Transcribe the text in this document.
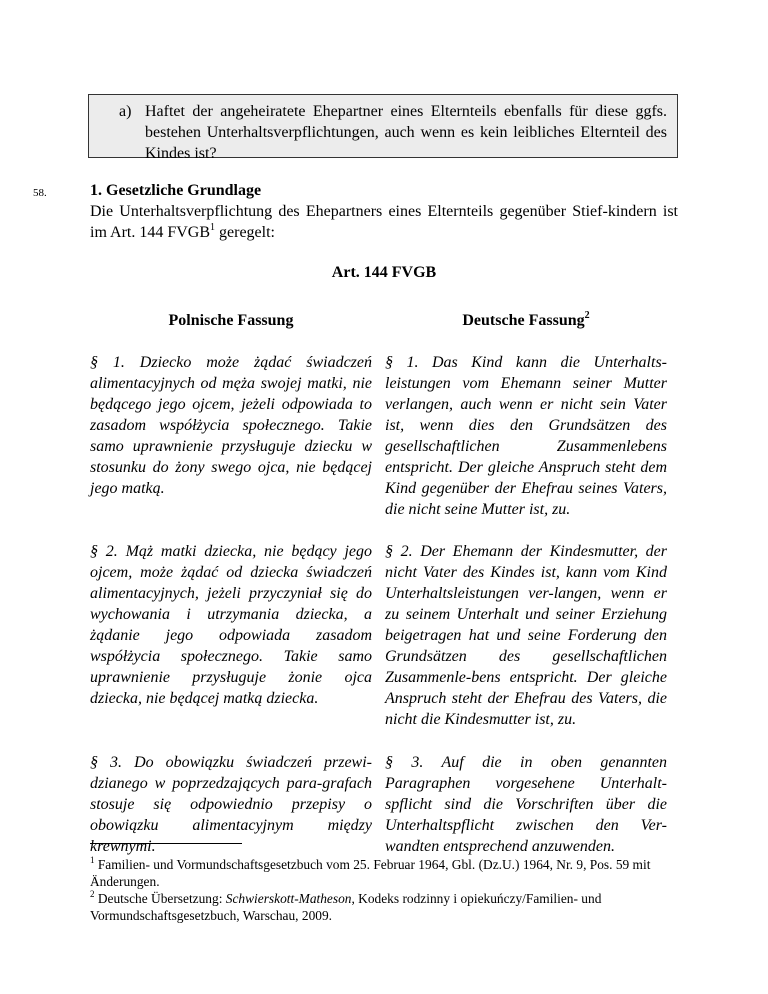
a) Haftet der angeheiratete Ehepartner eines Elternteils ebenfalls für diese ggfs. bestehen Unterhaltsverpflichtungen, auch wenn es kein leibliches Elternteil des Kindes ist?
58.	1. Gesetzliche Grundlage
Die Unterhaltsverpflichtung des Ehepartners eines Elternteils gegenüber Stief-kindern ist im Art. 144 FVGB$^1$ geregelt:
Art. 144 FVGB
Polnische Fassung	Deutsche Fassung$^2$

§ 1. Dziecko może żądać świadczeń alimentacyjnych od męża swojej matki, nie będącego jego ojcem, jeżeli odpowiada to zasadom współżycia społecznego. Takie samo uprawnienie przysługuje dziecku w stosunku do żony swego ojca, nie będącej jego matką.

§ 1. Das Kind kann die Unterhalts-leistungen vom Ehemann seiner Mutter verlangen, auch wenn er nicht sein Vater ist, wenn dies den Grundsätzen des gesellschaftlichen Zusammenlebens entspricht. Der gleiche Anspruch steht dem Kind gegenüber der Ehefrau seines Vaters, die nicht seine Mutter ist, zu.

§ 2. Mąż matki dziecka, nie będący jego ojcem, może żądać od dziecka świadczeń alimentacyjnych, jeżeli przyczyniał się do wychowania i utrzymania dziecka, a żądanie jego odpowiada zasadom współżycia społecznego. Takie samo uprawnienie przysługuje żonie ojca dziecka, nie będącej matką dziecka.

§ 2. Der Ehemann der Kindesmutter, der nicht Vater des Kindes ist, kann vom Kind Unterhaltsleistungen ver-langen, wenn er zu seinem Unterhalt und seiner Erziehung beigetragen hat und seine Forderung den Grundsätzen des gesellschaftlichen Zusammenle-bens entspricht. Der gleiche Anspruch steht der Ehefrau des Vaters, die nicht die Kindesmutter ist, zu.

§ 3. Do obowiązku świadczeń przewi-dzianego w poprzedzających para-grafach stosuje się odpowiednio przepisy o obowiązku alimentacyjnym między krewnymi.

§ 3. Auf die in oben genannten Paragraphen vorgesehene Unterhalt-spflicht sind die Vorschriften über die Unterhaltspflicht zwischen den Ver-wandten entsprechend anzuwenden.

$^1$ Familien- und Vormundschaftsgesetzbuch vom 25. Februar 1964, Gbl. (Dz.U.) 1964, Nr. 9, Pos. 59 mit Änderungen.
$^2$ Deutsche Übersetzung: Schwierskott-Matheson, Kodeks rodzinny i opiekuńczy/Familien- und Vormundschaftsgesetzbuch, Warschau, 2009.
